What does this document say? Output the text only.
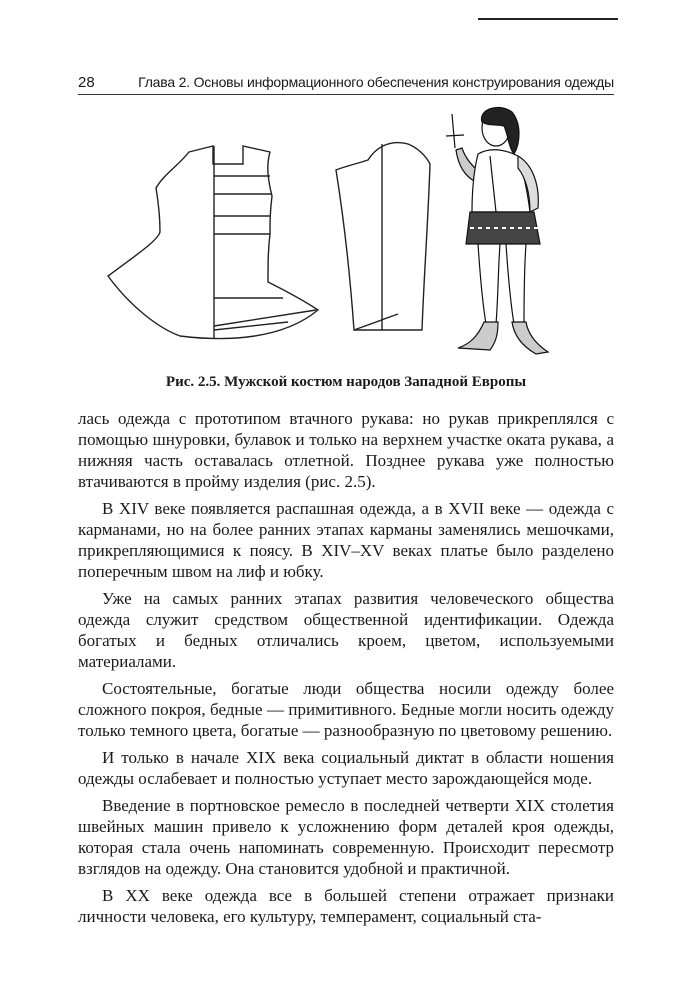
28	Глава 2. Основы информационного обеспечения конструирования одежды
Рис. 2.5. Мужской костюм народов Западной Европы

лась одежда с прототипом втачного рукава: но рукав прикреплялся с помощью шнуровки, булавок и только на верхнем участке оката рукава, а нижняя часть оставалась отлетной. Позднее рукава уже полностью втачиваются в пройму изделия (рис. 2.5).

В XIV веке появляется распашная одежда, а в XVII веке — одежда с карманами, но на более ранних этапах карманы заменялись мешочками, прикрепляющимися к поясу. В XIV–XV веках платье было разделено поперечным швом на лиф и юбку.

Уже на самых ранних этапах развития человеческого общества одежда служит средством общественной идентификации. Одежда богатых и бедных отличались кроем, цветом, используемыми материалами.

Состоятельные, богатые люди общества носили одежду более сложного покроя, бедные — примитивного. Бедные могли носить одежду только темного цвета, богатые — разнообразную по цветовому решению.

И только в начале XIX века социальный диктат в области ношения одежды ослабевает и полностью уступает место зарождающейся моде.

Введение в портновское ремесло в последней четверти XIX столетия швейных машин привело к усложнению форм деталей кроя одежды, которая стала очень напоминать современную. Происходит пересмотр взглядов на одежду. Она становится удобной и практичной.

В XX веке одежда все в большей степени отражает признаки личности человека, его культуру, темперамент, социальный ста-
